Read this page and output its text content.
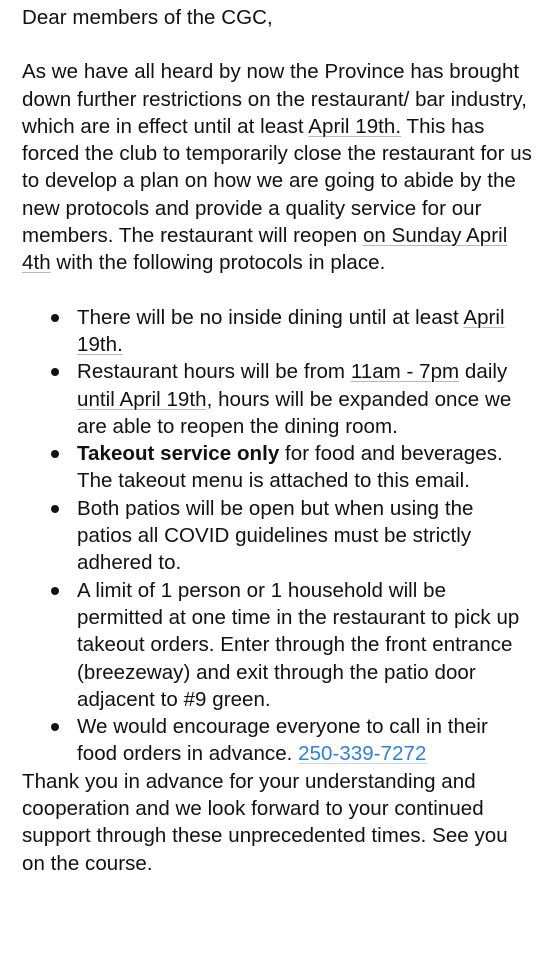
Dear members of the CGC,

As we have all heard by now the Province has brought down further restrictions on the restaurant/ bar industry, which are in effect until at least April 19th. This has forced the club to temporarily close the restaurant for us to develop a plan on how we are going to abide by the new protocols and provide a quality service for our members. The restaurant will reopen on Sunday April 4th with the following protocols in place.

There will be no inside dining until at least April 19th.
Restaurant hours will be from 11am - 7pm daily until April 19th, hours will be expanded once we are able to reopen the dining room.
Takeout service only for food and beverages. The takeout menu is attached to this email.
Both patios will be open but when using the patios all COVID guidelines must be strictly adhered to.
A limit of 1 person or 1 household will be permitted at one time in the restaurant to pick up takeout orders. Enter through the front entrance (breezeway) and exit through the patio door adjacent to #9 green.
We would encourage everyone to call in their food orders in advance. 250-339-7272

Thank you in advance for your understanding and cooperation and we look forward to your continued support through these unprecedented times. See you on the course.
